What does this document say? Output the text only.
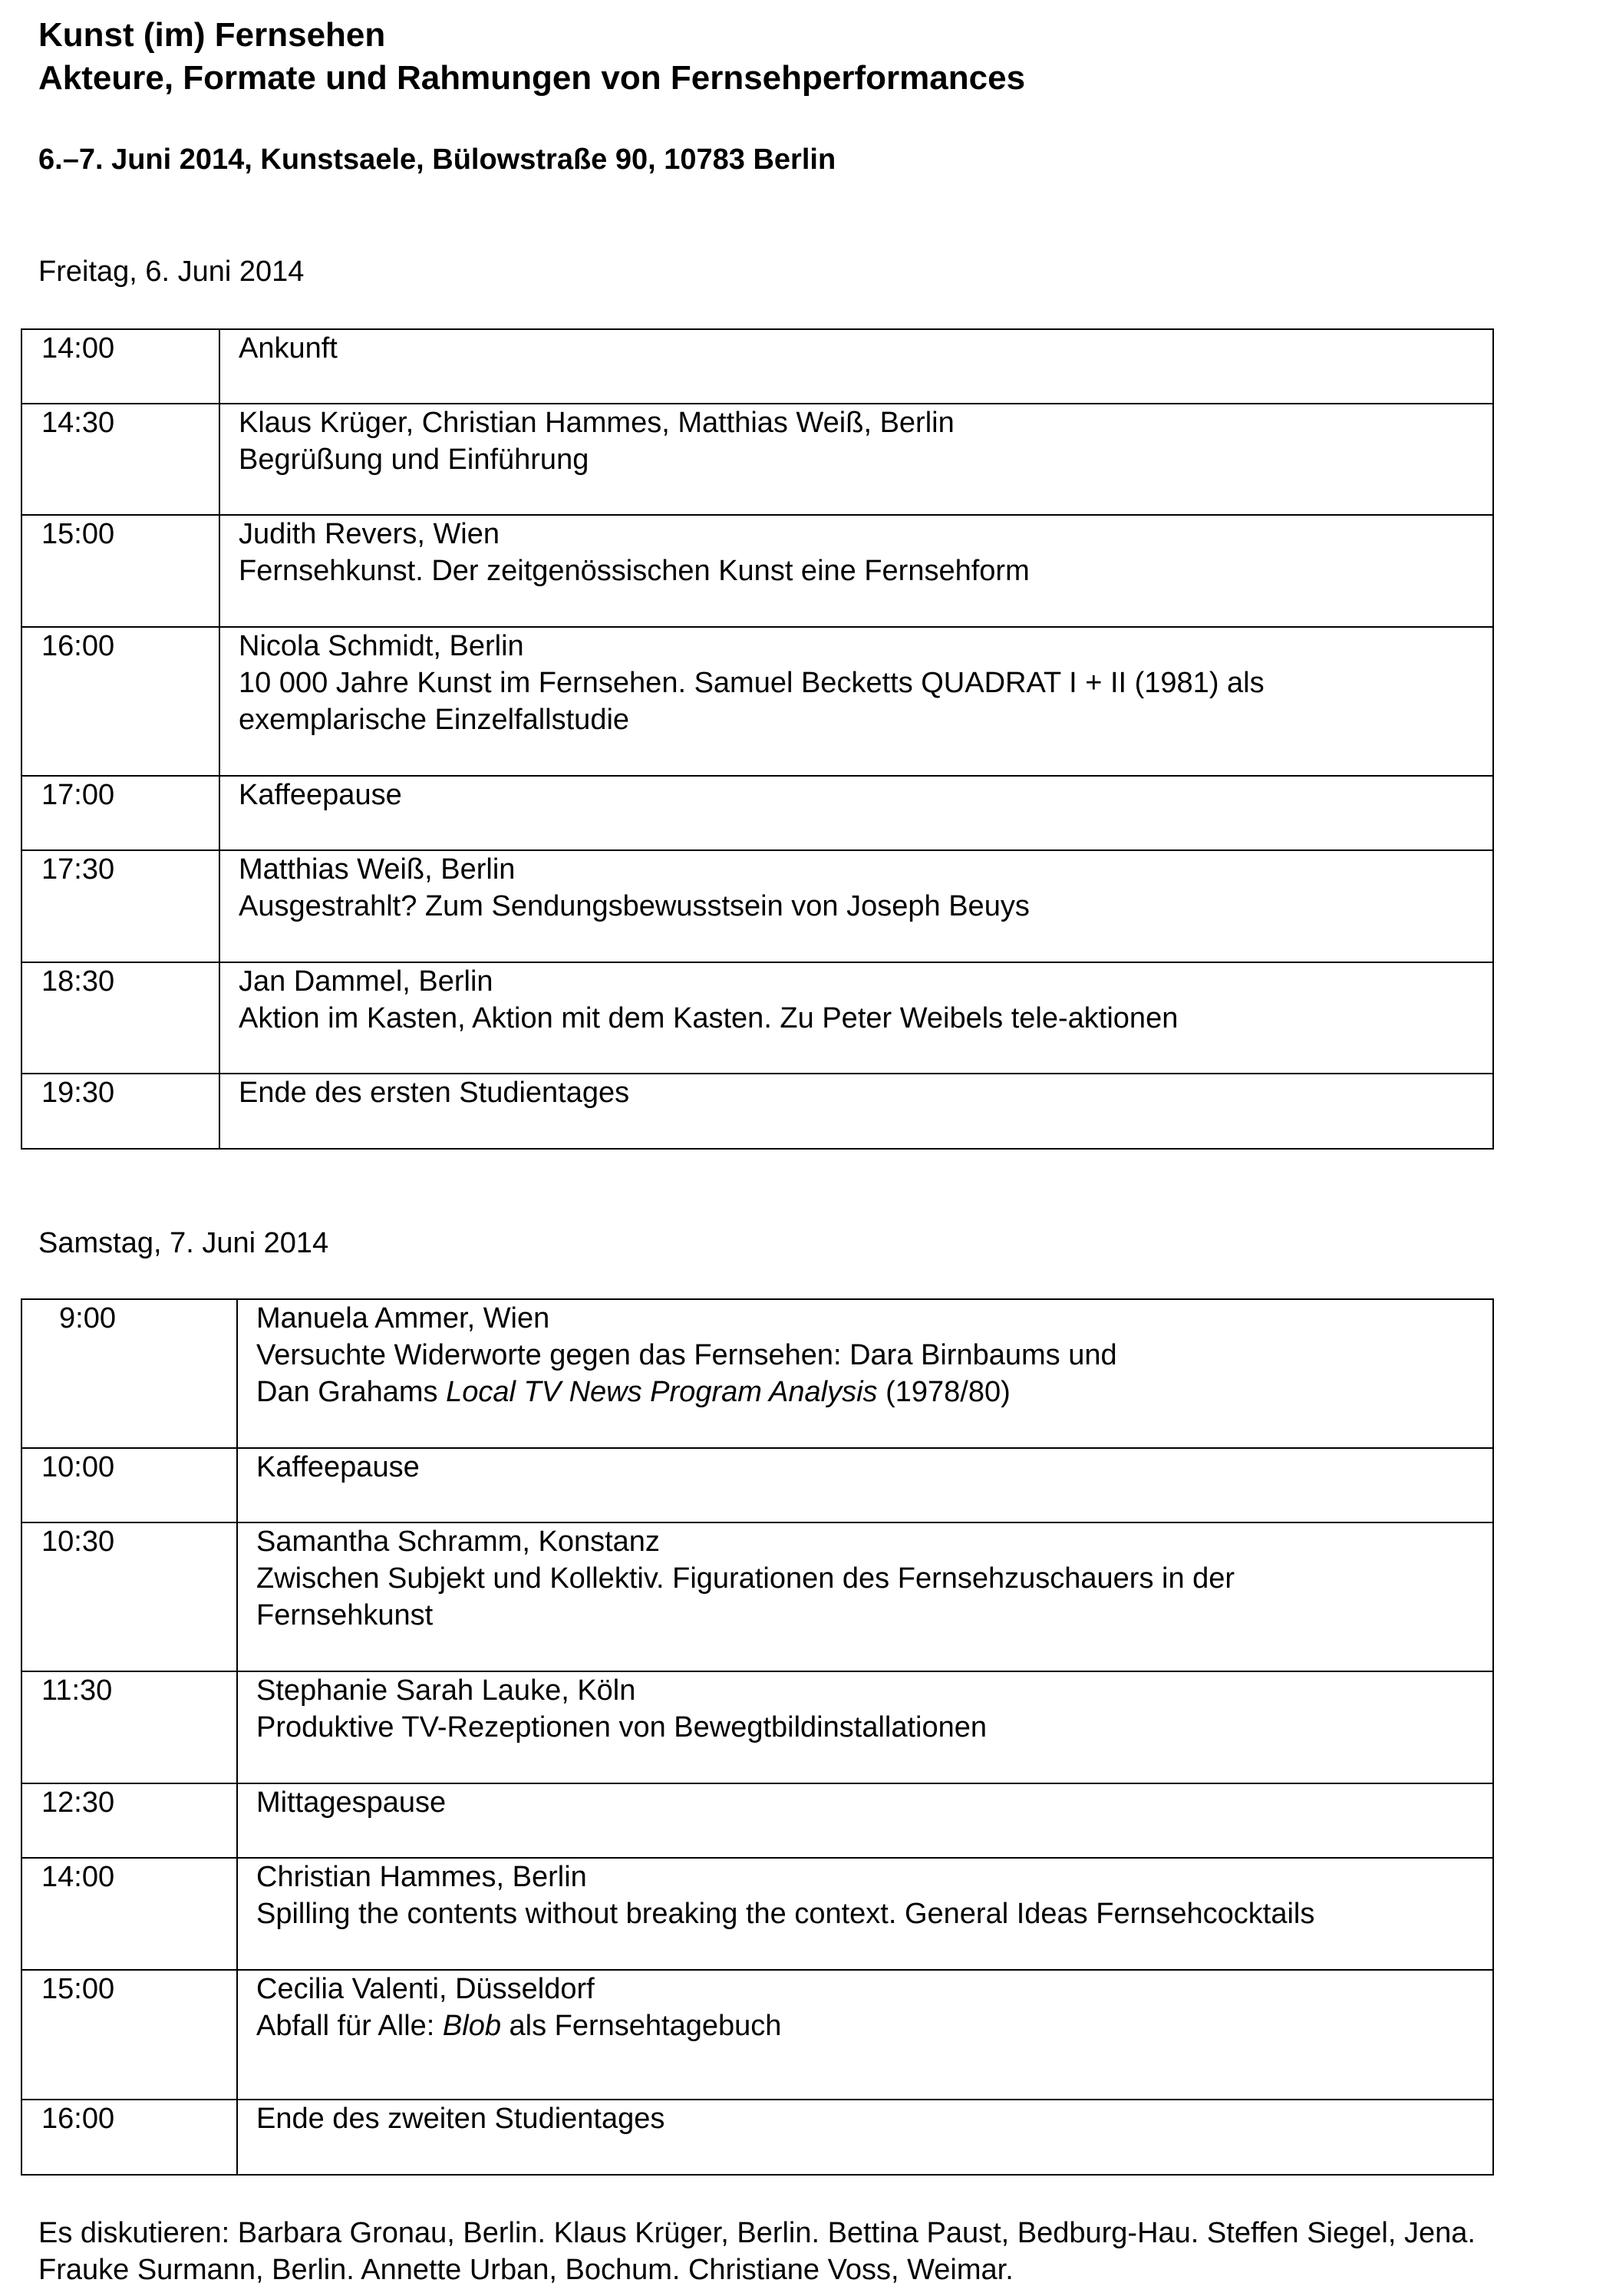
Kunst (im) Fernsehen
Akteure, Formate und Rahmungen von Fernsehperformances
6.–7. Juni 2014, Kunstsaele, Bülowstraße 90, 10783 Berlin
Freitag, 6. Juni 2014
14:00	Ankunft

14:30	Klaus Krüger, Christian Hammes, Matthias Weiß, Berlin
Begrüßung und Einführung

15:00	Judith Revers, Wien
Fernsehkunst. Der zeitgenössischen Kunst eine Fernsehform

16:00	Nicola Schmidt, Berlin
10 000 Jahre Kunst im Fernsehen. Samuel Becketts QUADRAT I + II (1981) als
exemplarische Einzelfallstudie

17:00	Kaffeepause

17:30	Matthias Weiß, Berlin
Ausgestrahlt? Zum Sendungsbewusstsein von Joseph Beuys

18:30	Jan Dammel, Berlin
Aktion im Kasten, Aktion mit dem Kasten. Zu Peter Weibels tele-aktionen

19:30	Ende des ersten Studientages
Samstag, 7. Juni 2014
9:00	Manuela Ammer, Wien
Versuchte Widerworte gegen das Fernsehen: Dara Birnbaums und
Dan Grahams Local TV News Program Analysis (1978/80)

10:00	Kaffeepause

10:30	Samantha Schramm, Konstanz
Zwischen Subjekt und Kollektiv. Figurationen des Fernsehzuschauers in der
Fernsehkunst

11:30	Stephanie Sarah Lauke, Köln
Produktive TV-Rezeptionen von Bewegtbildinstallationen

12:30	Mittagespause

14:00	Christian Hammes, Berlin
Spilling the contents without breaking the context. General Ideas Fernsehcocktails

15:00	Cecilia Valenti, Düsseldorf
Abfall für Alle: Blob als Fernsehtagebuch

16:00	Ende des zweiten Studientages

Es diskutieren: Barbara Gronau, Berlin. Klaus Krüger, Berlin. Bettina Paust, Bedburg-Hau. Steffen Siegel, Jena. Frauke Surmann, Berlin. Annette Urban, Bochum. Christiane Voss, Weimar.
